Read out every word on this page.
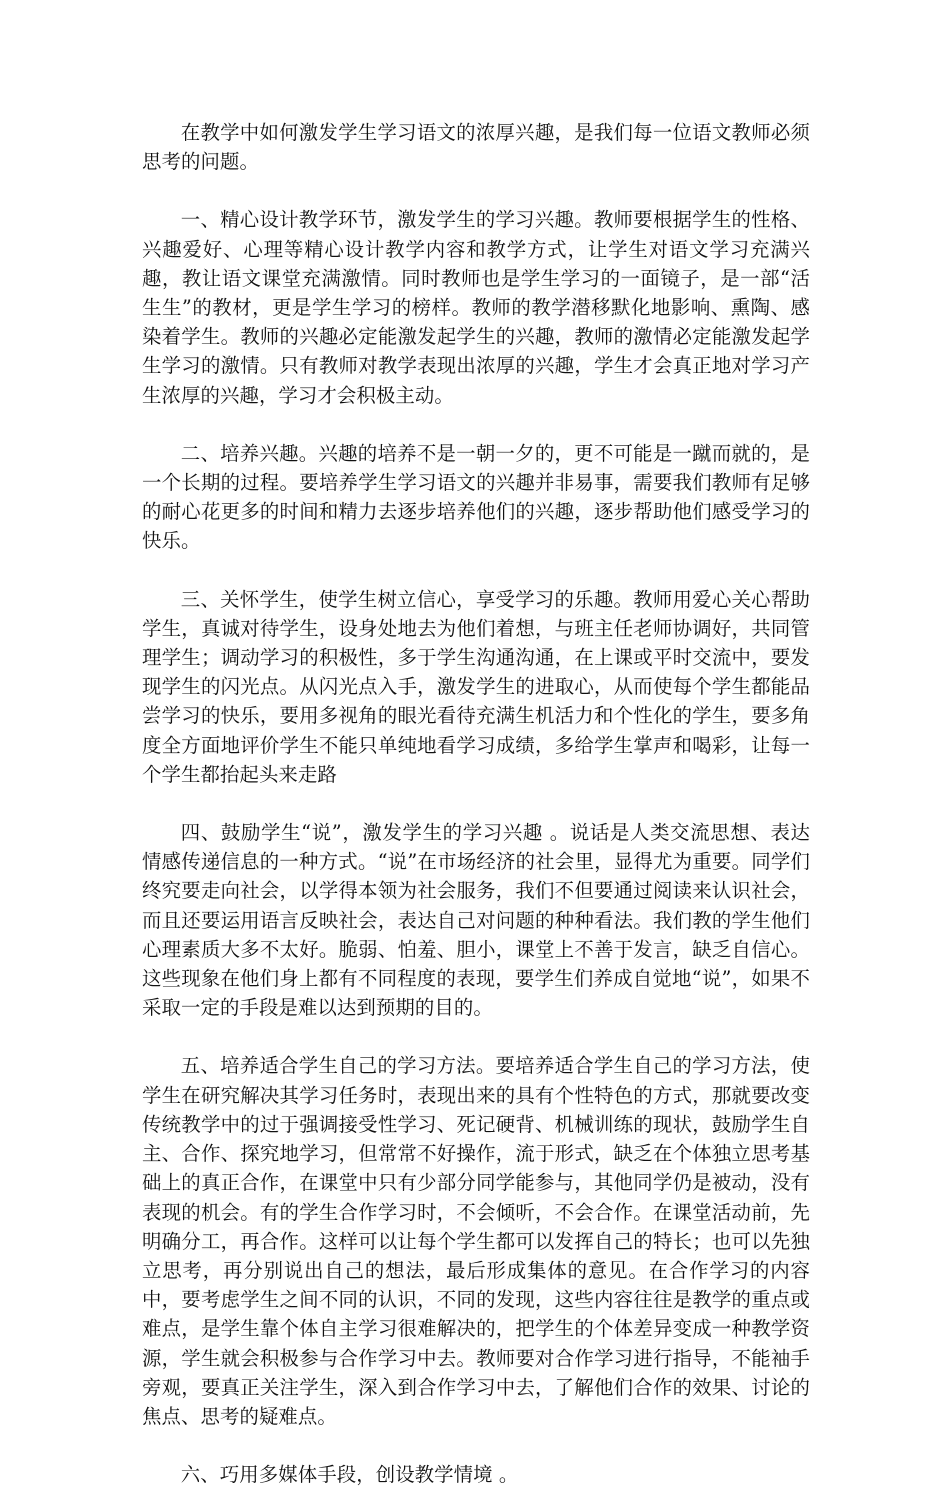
在教学中如何激发学生学习语文的浓厚兴趣，是我们每一位语文教师必须思考的问题。

一、精心设计教学环节，激发学生的学习兴趣。教师要根据学生的性格、兴趣爱好、心理等精心设计教学内容和教学方式，让学生对语文学习充满兴趣，教让语文课堂充满激情。同时教师也是学生学习的一面镜子，是一部“活生生”的教材，更是学生学习的榜样。教师的教学潜移默化地影响、熏陶、感染着学生。教师的兴趣必定能激发起学生的兴趣，教师的激情必定能激发起学生学习的激情。只有教师对教学表现出浓厚的兴趣，学生才会真正地对学习产生浓厚的兴趣，学习才会积极主动。

二、培养兴趣。兴趣的培养不是一朝一夕的，更不可能是一蹴而就的，是一个长期的过程。要培养学生学习语文的兴趣并非易事，需要我们教师有足够的耐心花更多的时间和精力去逐步培养他们的兴趣，逐步帮助他们感受学习的快乐。

三、关怀学生，使学生树立信心，享受学习的乐趣。教师用爱心关心帮助学生，真诚对待学生，设身处地去为他们着想，与班主任老师协调好，共同管理学生；调动学习的积极性，多于学生沟通沟通，在上课或平时交流中，要发现学生的闪光点。从闪光点入手，激发学生的进取心，从而使每个学生都能品尝学习的快乐，要用多视角的眼光看待充满生机活力和个性化的学生，要多角度全方面地评价学生不能只单纯地看学习成绩，多给学生掌声和喝彩，让每一个学生都抬起头来走路

四、鼓励学生“说”，激发学生的学习兴趣 。说话是人类交流思想、表达情感传递信息的一种方式。“说”在市场经济的社会里，显得尤为重要。同学们终究要走向社会，以学得本领为社会服务，我们不但要通过阅读来认识社会，而且还要运用语言反映社会，表达自己对问题的种种看法。我们教的学生他们心理素质大多不太好。脆弱、怕羞、胆小，课堂上不善于发言，缺乏自信心。这些现象在他们身上都有不同程度的表现，要学生们养成自觉地“说”，如果不采取一定的手段是难以达到预期的目的。

五、培养适合学生自己的学习方法。要培养适合学生自己的学习方法，使学生在研究解决其学习任务时，表现出来的具有个性特色的方式，那就要改变传统教学中的过于强调接受性学习、死记硬背、机械训练的现状，鼓励学生自主、合作、探究地学习，但常常不好操作，流于形式，缺乏在个体独立思考基础上的真正合作，在课堂中只有少部分同学能参与，其他同学仍是被动，没有表现的机会。有的学生合作学习时，不会倾听，不会合作。在课堂活动前，先明确分工，再合作。这样可以让每个学生都可以发挥自己的特长；也可以先独立思考，再分别说出自己的想法，最后形成集体的意见。在合作学习的内容中，要考虑学生之间不同的认识，不同的发现，这些内容往往是教学的重点或难点，是学生靠个体自主学习很难解决的，把学生的个体差异变成一种教学资源，学生就会积极参与合作学习中去。教师要对合作学习进行指导，不能袖手旁观，要真正关注学生，深入到合作学习中去，了解他们合作的效果、讨论的焦点、思考的疑难点。

六、巧用多媒体手段，创设教学情境 。
